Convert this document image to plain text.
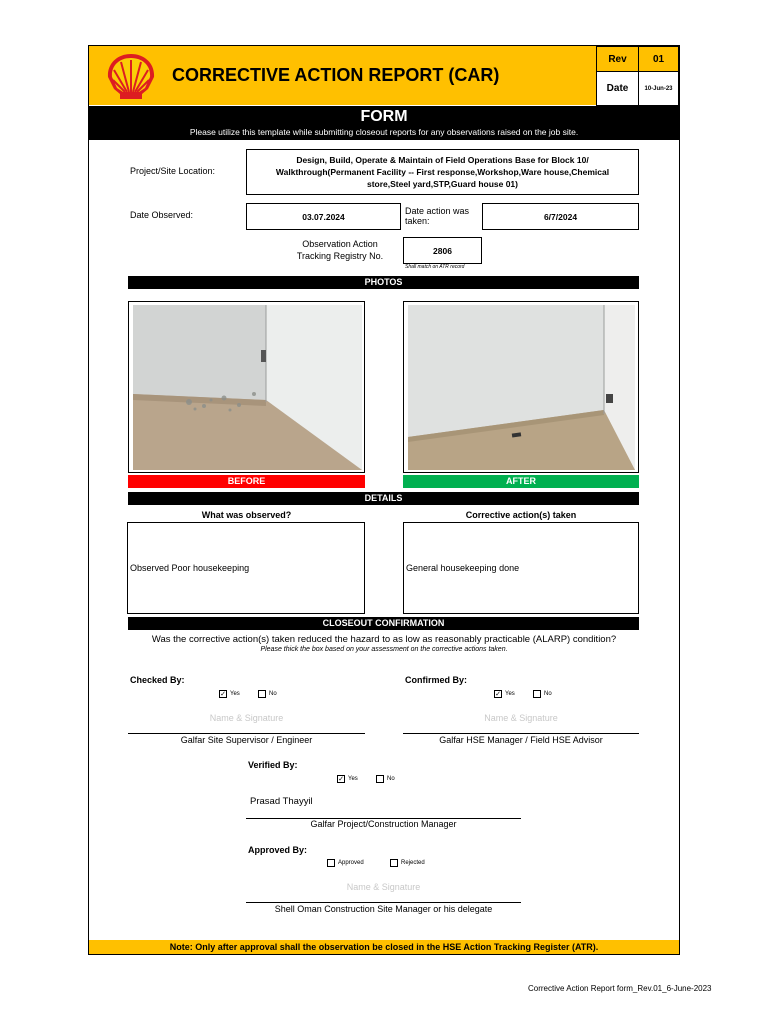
CORRECTIVE ACTION REPORT (CAR)
Rev	01
Date	10-Jun-23
FORM
Please utilize this template while submitting closeout reports for any observations raised on the job site.
Project/Site Location:
Design, Build, Operate & Maintain of Field Operations Base for Block 10/ Walkthrough(Permanent Facility -- First response,Workshop,Ware house,Chemical store,Steel yard,STP,Guard house 01)
Date Observed:	03.07.2024
Date action was taken:	6/7/2024
Observation Action Tracking Registry No.
2806
Shall match on ATR record
PHOTOS
BEFORE	AFTER
DETAILS
What was observed?	Corrective action(s) taken
Observed Poor housekeeping	General housekeeping done
CLOSEOUT CONFIRMATION
Was the corrective action(s) taken reduced the hazard to as low as reasonably practicable (ALARP) condition?
Please thick the box based on your assessment on the corrective actions taken.
Checked By:
✓ Yes	No
Name & Signature
Galfar Site Supervisor / Engineer
Confirmed By:
✓ Yes	No
Name & Signature
Galfar HSE Manager / Field HSE Advisor
Verified By:
✓ Yes	No
Prasad Thayyil
Galfar Project/Construction Manager
Approved By:
Approved	Rejected
Name & Signature
Shell Oman Construction Site Manager or his delegate
Note: Only after approval shall the observation be closed in the HSE Action Tracking Register (ATR).
Corrective Action Report form_Rev.01_6-June-2023
